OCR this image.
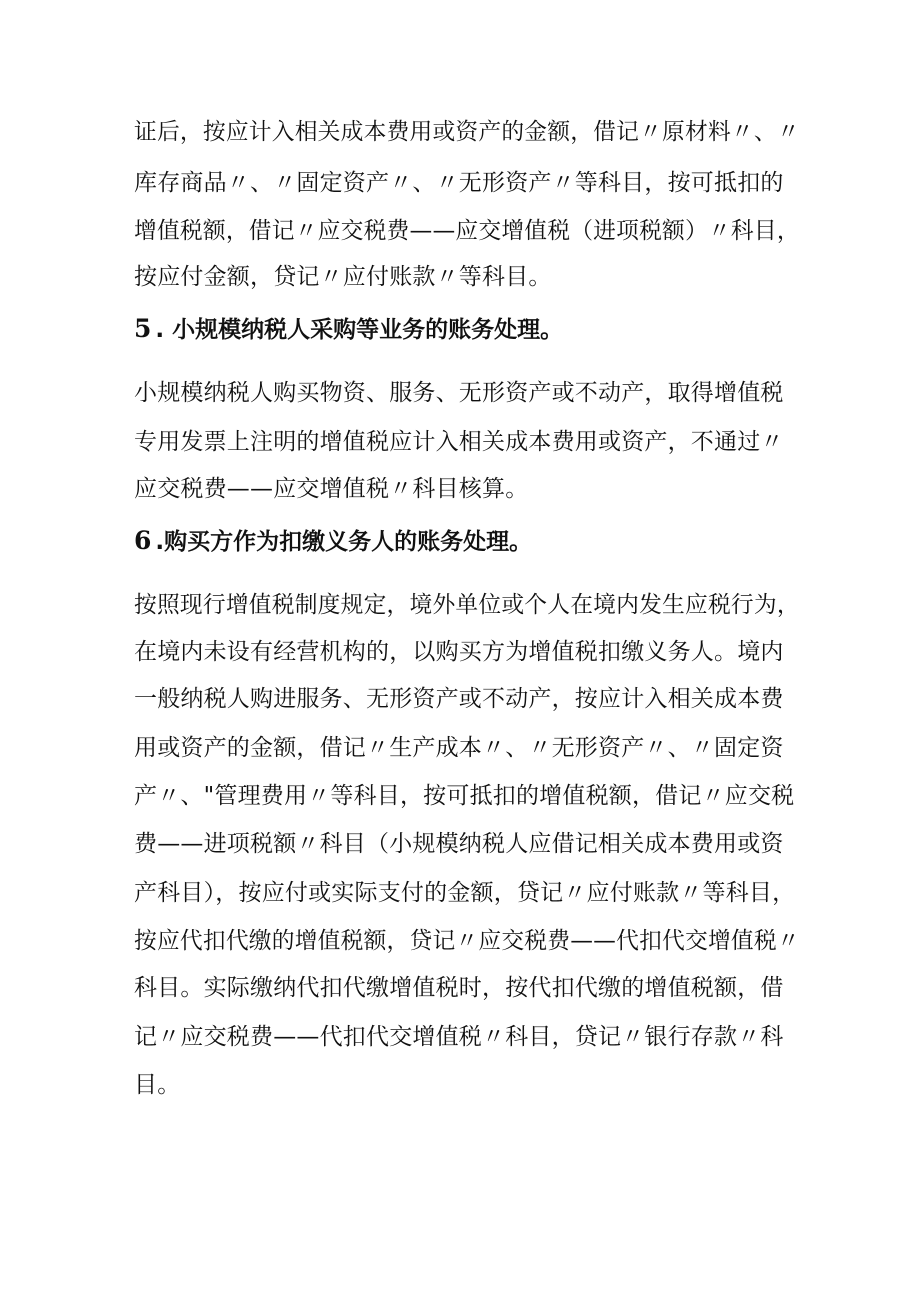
证后，按应计入相关成本费用或资产的金额，借记〃原材料〃、〃
库存商品〃、〃固定资产〃、〃无形资产〃等科目，按可抵扣的
增值税额，借记〃应交税费——应交增值税（进项税额）〃科目，
按应付金额，贷记〃应付账款〃等科目。
5 . 小规模纳税人采购等业务的账务处理。
小规模纳税人购买物资、服务、无形资产或不动产，取得增值税
专用发票上注明的增值税应计入相关成本费用或资产，不通过〃
应交税费——应交增值税〃科目核算。
6 .购买方作为扣缴义务人的账务处理。
按照现行增值税制度规定，境外单位或个人在境内发生应税行为，
在境内未设有经营机构的，以购买方为增值税扣缴义务人。境内
一般纳税人购进服务、无形资产或不动产，按应计入相关成本费
用或资产的金额，借记〃生产成本〃、〃无形资产〃、〃固定资
产〃、"管理费用〃等科目，按可抵扣的增值税额，借记〃应交税
费——进项税额〃科目（小规模纳税人应借记相关成本费用或资
产科目），按应付或实际支付的金额，贷记〃应付账款〃等科目，
按应代扣代缴的增值税额，贷记〃应交税费——代扣代交增值税〃
科目。实际缴纳代扣代缴增值税时，按代扣代缴的增值税额，借
记〃应交税费——代扣代交增值税〃科目，贷记〃银行存款〃科
目。
